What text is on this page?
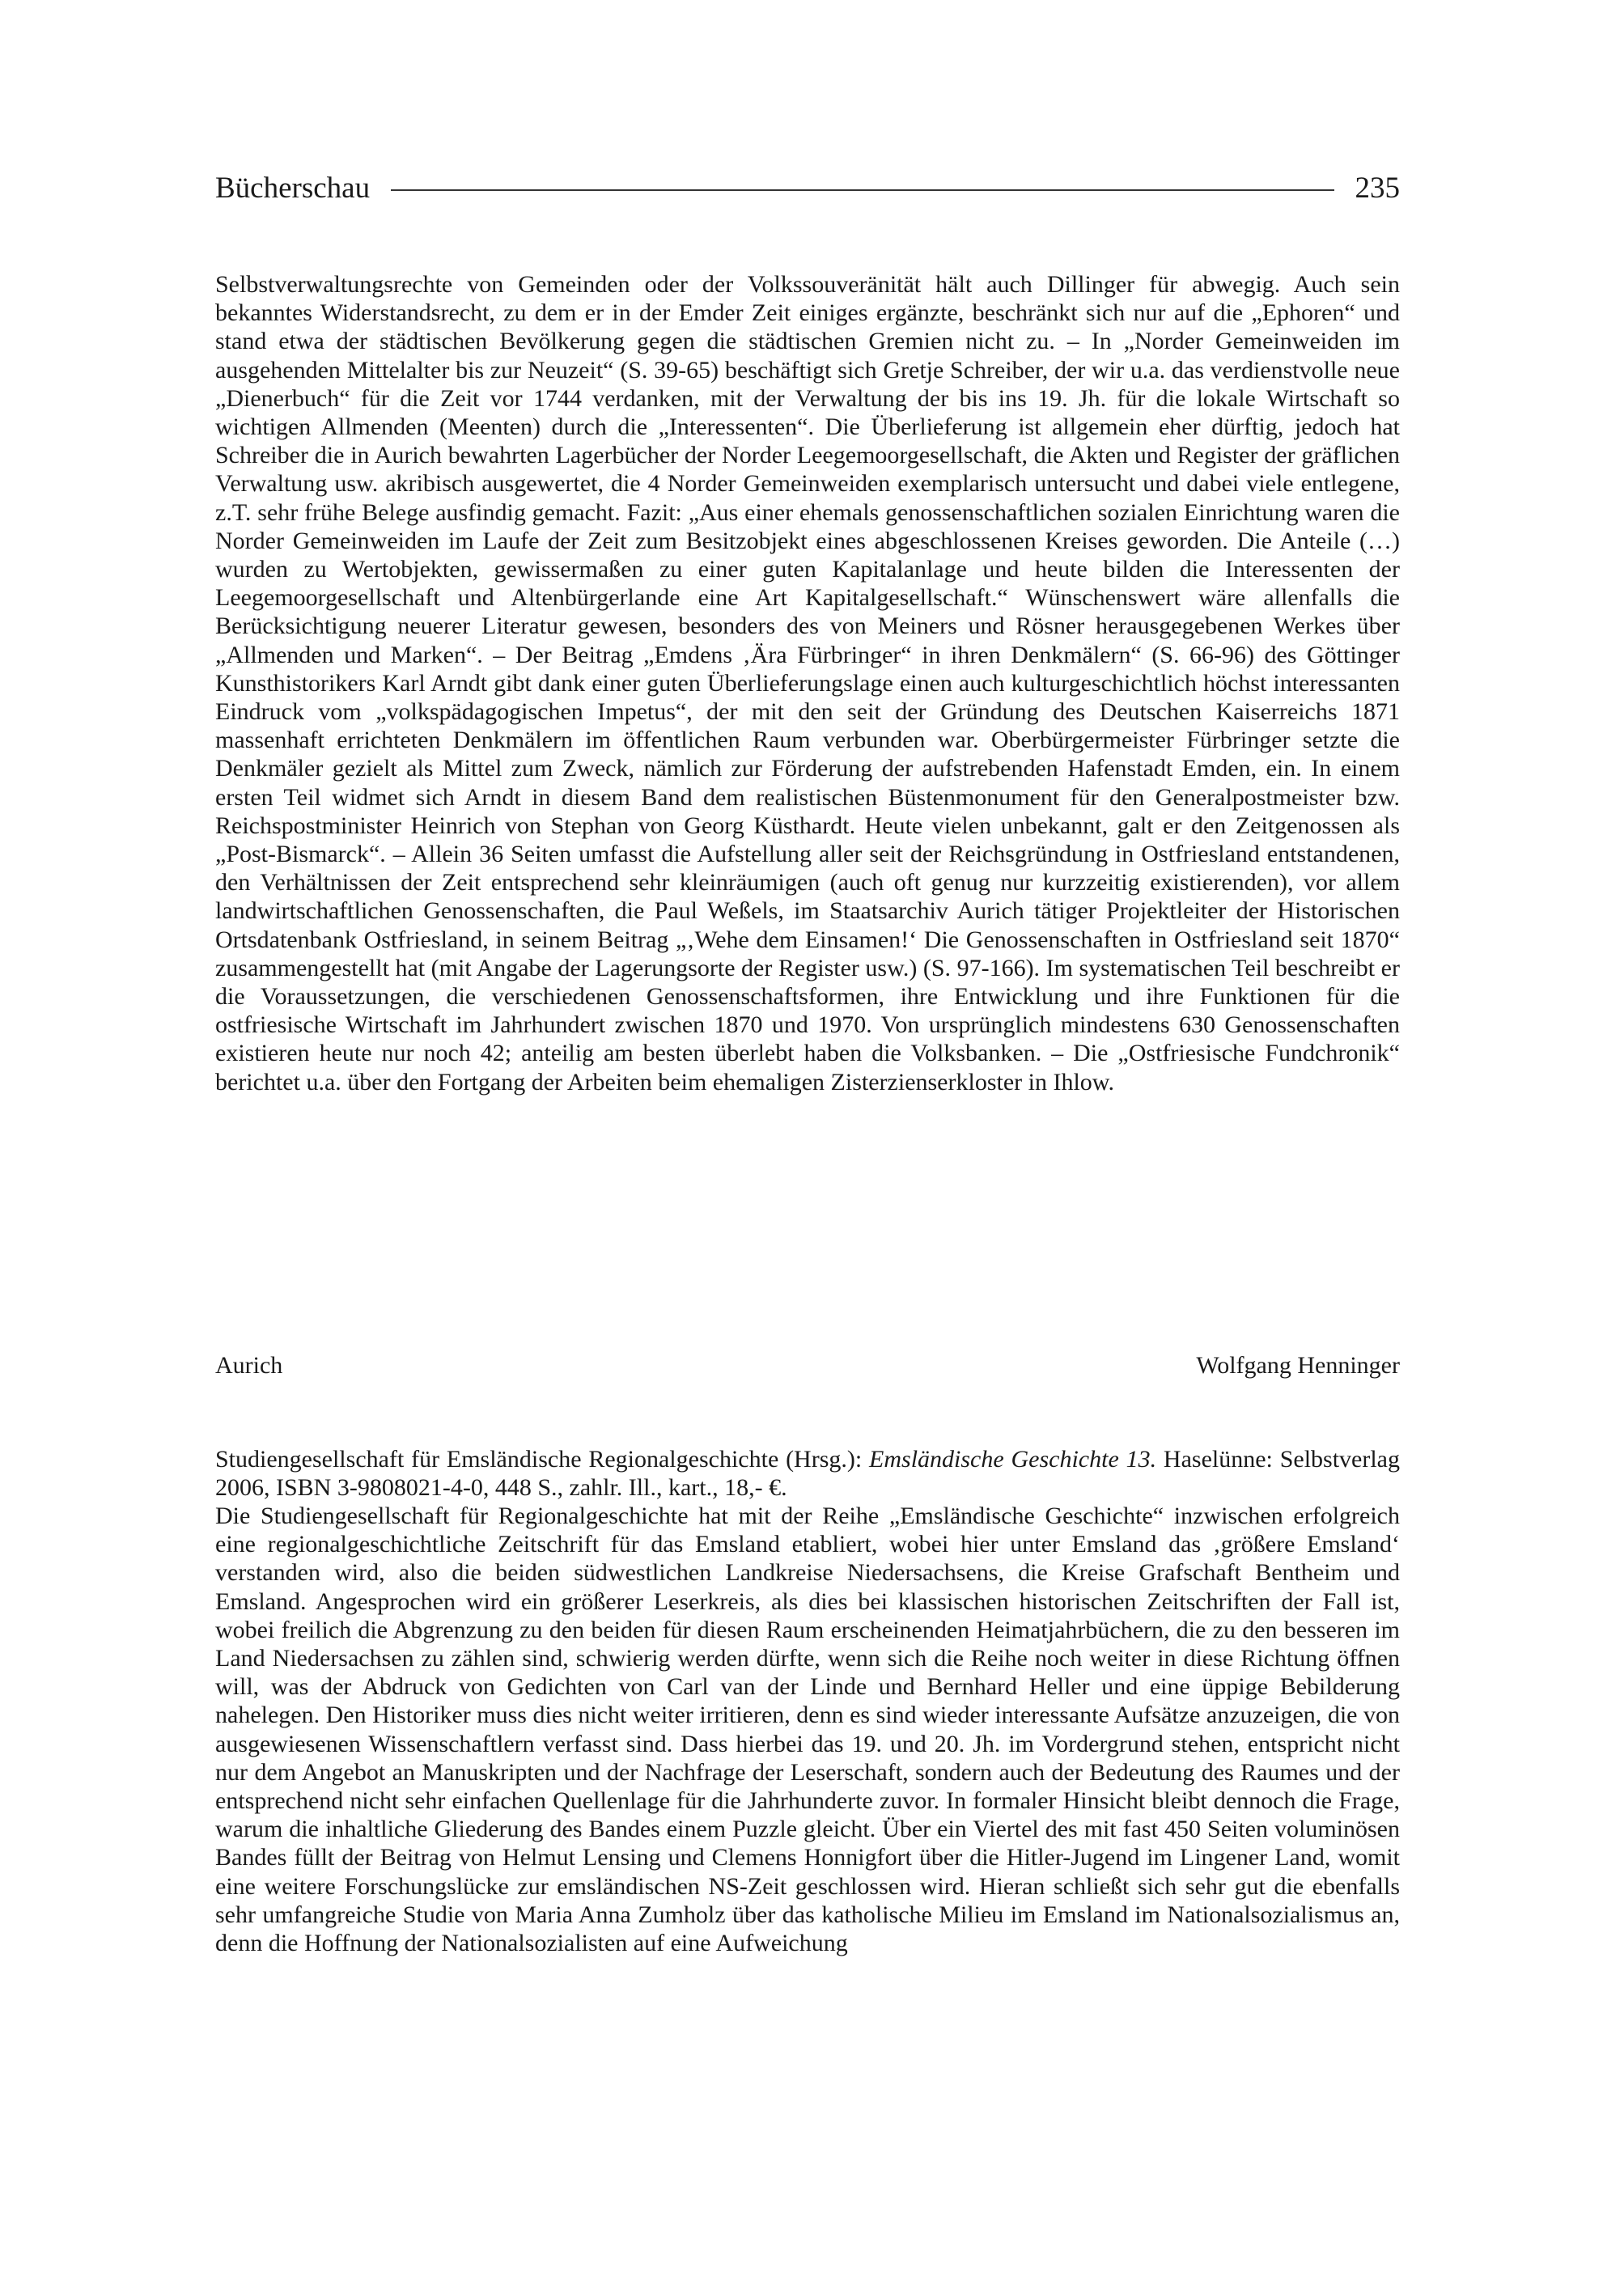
Bücherschau	235

Selbstverwaltungsrechte von Gemeinden oder der Volkssouveränität hält auch Dillinger für abwegig. Auch sein bekanntes Widerstandsrecht, zu dem er in der Emder Zeit einiges ergänzte, beschränkt sich nur auf die „Ephoren“ und stand etwa der städtischen Bevölkerung gegen die städtischen Gremien nicht zu. – In „Norder Gemeinweiden im ausgehenden Mittelalter bis zur Neuzeit“ (S. 39-65) beschäftigt sich Gretje Schreiber, der wir u.a. das verdienstvolle neue „Dienerbuch“ für die Zeit vor 1744 verdanken, mit der Verwaltung der bis ins 19. Jh. für die lokale Wirtschaft so wichtigen Allmenden (Meenten) durch die „Interessenten“. Die Überlieferung ist allgemein eher dürftig, jedoch hat Schreiber die in Aurich bewahrten Lagerbücher der Norder Leegemoorgesellschaft, die Akten und Register der gräflichen Verwaltung usw. akribisch ausgewertet, die 4 Norder Gemeinweiden exemplarisch untersucht und dabei viele entlegene, z.T. sehr frühe Belege ausfindig gemacht. Fazit: „Aus einer ehemals genossenschaftlichen sozialen Einrichtung waren die Norder Gemeinweiden im Laufe der Zeit zum Besitzobjekt eines abgeschlossenen Kreises geworden. Die Anteile (…) wurden zu Wertobjekten, gewissermaßen zu einer guten Kapitalanlage und heute bilden die Interessenten der Leegemoorgesellschaft und Altenbürgerlande eine Art Kapitalgesellschaft.“ Wünschenswert wäre allenfalls die Berücksichtigung neuerer Literatur gewesen, besonders des von Meiners und Rösner herausgegebenen Werkes über „Allmenden und Marken“. – Der Beitrag „Emdens ‚Ära Fürbringer“ in ihren Denkmälern“ (S. 66-96) des Göttinger Kunsthistorikers Karl Arndt gibt dank einer guten Überlieferungslage einen auch kulturgeschichtlich höchst interessanten Eindruck vom „volkspädagogischen Impetus“, der mit den seit der Gründung des Deutschen Kaiserreichs 1871 massenhaft errichteten Denkmälern im öffentlichen Raum verbunden war. Oberbürgermeister Fürbringer setzte die Denkmäler gezielt als Mittel zum Zweck, nämlich zur Förderung der aufstrebenden Hafenstadt Emden, ein. In einem ersten Teil widmet sich Arndt in diesem Band dem realistischen Büstenmonument für den Generalpostmeister bzw. Reichspostminister Heinrich von Stephan von Georg Küsthardt. Heute vielen unbekannt, galt er den Zeitgenossen als „Post-Bismarck“. – Allein 36 Seiten umfasst die Aufstellung aller seit der Reichsgründung in Ostfriesland entstandenen, den Verhältnissen der Zeit entsprechend sehr kleinräumigen (auch oft genug nur kurzzeitig existierenden), vor allem landwirtschaftlichen Genossenschaften, die Paul Weßels, im Staatsarchiv Aurich tätiger Projektleiter der Historischen Ortsdatenbank Ostfriesland, in seinem Beitrag „‚Wehe dem Einsamen!‘ Die Genossenschaften in Ostfriesland seit 1870“ zusammengestellt hat (mit Angabe der Lagerungsorte der Register usw.) (S. 97-166). Im systematischen Teil beschreibt er die Voraussetzungen, die verschiedenen Genossenschaftsformen, ihre Entwicklung und ihre Funktionen für die ostfriesische Wirtschaft im Jahrhundert zwischen 1870 und 1970. Von ursprünglich mindestens 630 Genossenschaften existieren heute nur noch 42; anteilig am besten überlebt haben die Volksbanken. – Die „Ostfriesische Fundchronik“ berichtet u.a. über den Fortgang der Arbeiten beim ehemaligen Zisterzienserkloster in Ihlow.

Aurich	Wolfgang Henninger

Studiengesellschaft für Emsländische Regionalgeschichte (Hrsg.): Emsländische Geschichte 13. Haselünne: Selbstverlag 2006, ISBN 3-9808021-4-0, 448 S., zahlr. Ill., kart., 18,- €.

Die Studiengesellschaft für Regionalgeschichte hat mit der Reihe „Emsländische Geschichte“ inzwischen erfolgreich eine regionalgeschichtliche Zeitschrift für das Emsland etabliert, wobei hier unter Emsland das ‚größere Emsland‘ verstanden wird, also die beiden südwestlichen Landkreise Niedersachsens, die Kreise Grafschaft Bentheim und Emsland. Angesprochen wird ein größerer Leserkreis, als dies bei klassischen historischen Zeitschriften der Fall ist, wobei freilich die Abgrenzung zu den beiden für diesen Raum erscheinenden Heimatjahrbüchern, die zu den besseren im Land Niedersachsen zu zählen sind, schwierig werden dürfte, wenn sich die Reihe noch weiter in diese Richtung öffnen will, was der Abdruck von Gedichten von Carl van der Linde und Bernhard Heller und eine üppige Bebilderung nahelegen. Den Historiker muss dies nicht weiter irritieren, denn es sind wieder interessante Aufsätze anzuzeigen, die von ausgewiesenen Wissenschaftlern verfasst sind. Dass hierbei das 19. und 20. Jh. im Vordergrund stehen, entspricht nicht nur dem Angebot an Manuskripten und der Nachfrage der Leserschaft, sondern auch der Bedeutung des Raumes und der entsprechend nicht sehr einfachen Quellenlage für die Jahrhunderte zuvor. In formaler Hinsicht bleibt dennoch die Frage, warum die inhaltliche Gliederung des Bandes einem Puzzle gleicht. Über ein Viertel des mit fast 450 Seiten voluminösen Bandes füllt der Beitrag von Helmut Lensing und Clemens Honnigfort über die Hitler-Jugend im Lingener Land, womit eine weitere Forschungslücke zur emsländischen NS-Zeit geschlossen wird. Hieran schließt sich sehr gut die ebenfalls sehr umfangreiche Studie von Maria Anna Zumholz über das katholische Milieu im Emsland im Nationalsozialismus an, denn die Hoffnung der Nationalsozialisten auf eine Aufweichung
